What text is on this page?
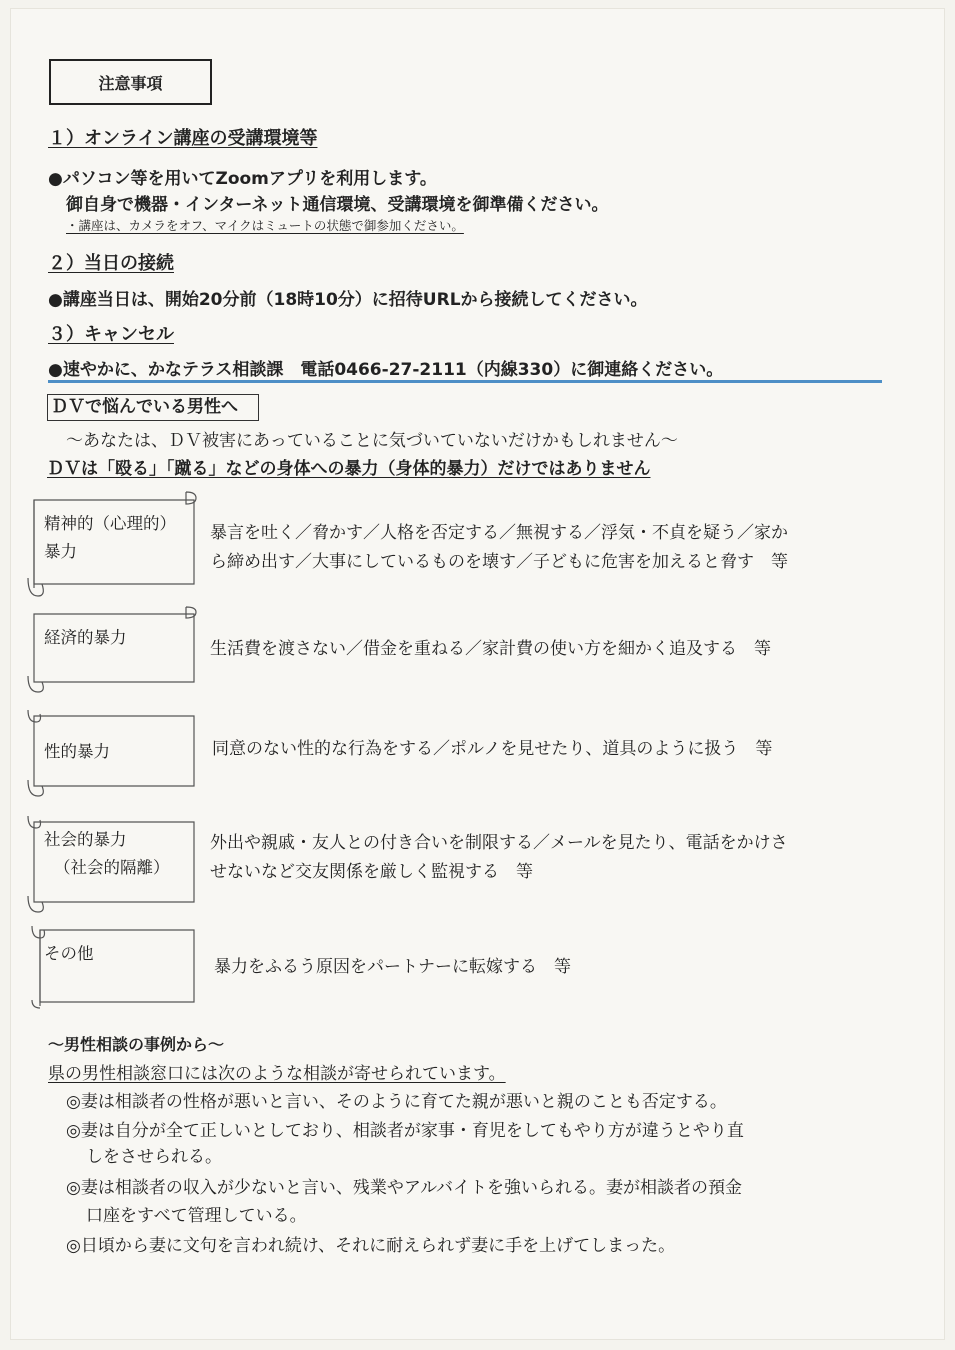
注意事項
１）オンライン講座の受講環境等
●パソコン等を用いてZoomアプリを利用します。
御自身で機器・インターネット通信環境、受講環境を御準備ください。
・講座は、カメラをオフ、マイクはミュートの状態で御参加ください。
２）当日の接続
●講座当日は、開始20分前（18時10分）に招待URLから接続してください。
３）キャンセル
●速やかに、かなテラス相談課　電話0466-27-2111（内線330）に御連絡ください。
ＤＶで悩んでいる男性へ
～あなたは、ＤＶ被害にあっていることに気づいていないだけかもしれません～
ＤＶは「殴る」「蹴る」などの身体への暴力（身体的暴力）だけではありません
精神的（心理的）
暴力
暴言を吐く／脅かす／人格を否定する／無視する／浮気・不貞を疑う／家か
ら締め出す／大事にしているものを壊す／子どもに危害を加えると脅す　等
経済的暴力
生活費を渡さない／借金を重ねる／家計費の使い方を細かく追及する　等
性的暴力	同意のない性的な行為をする／ポルノを見せたり、道具のように扱う　等
社会的暴力
（社会的隔離）
外出や親戚・友人との付き合いを制限する／メールを見たり、電話をかけさ
せないなど交友関係を厳しく監視する　等
その他
暴力をふるう原因をパートナーに転嫁する　等
～男性相談の事例から～
県の男性相談窓口には次のような相談が寄せられています。
◎妻は相談者の性格が悪いと言い、そのように育てた親が悪いと親のことも否定する。
◎妻は自分が全て正しいとしており、相談者が家事・育児をしてもやり方が違うとやり直
しをさせられる。
◎妻は相談者の収入が少ないと言い、残業やアルバイトを強いられる。妻が相談者の預金
口座をすべて管理している。
◎日頃から妻に文句を言われ続け、それに耐えられず妻に手を上げてしまった。
